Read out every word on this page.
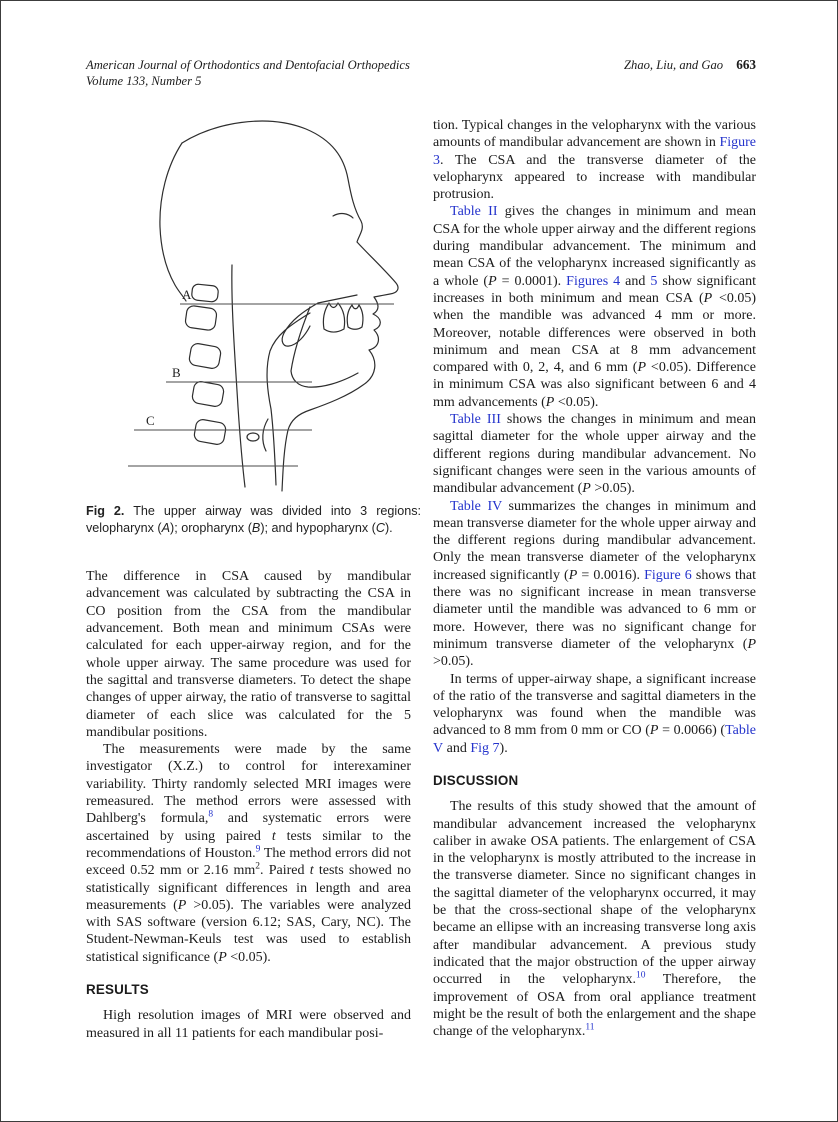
American Journal of Orthodontics and Dentofacial Orthopedics
Volume 133, Number 5
Zhao, Liu, and Gao 663
A
B
C

Fig 2. The upper airway was divided into 3 regions: velopharynx (A); oropharynx (B); and hypopharynx (C).

The difference in CSA caused by mandibular advancement was calculated by subtracting the CSA in CO position from the CSA from the mandibular advancement. Both mean and minimum CSAs were calculated for each upper-airway region, and for the whole upper airway. The same procedure was used for the sagittal and transverse diameters. To detect the shape changes of upper airway, the ratio of transverse to sagittal diameter of each slice was calculated for the 5 mandibular positions.

The measurements were made by the same investigator (X.Z.) to control for interexaminer variability. Thirty randomly selected MRI images were remeasured. The method errors were assessed with Dahlberg's formula,$^8$ and systematic errors were ascertained by using paired t tests similar to the recommendations of Houston.$^9$ The method errors did not exceed 0.52 mm or 2.16 $mm^2$. Paired t tests showed no statistically significant differences in length and area measurements (P >0.05). The variables were analyzed with SAS software (version 6.12; SAS, Cary, NC). The Student-Newman-Keuls test was used to establish statistical significance (P <0.05).

RESULTS

High resolution images of MRI were observed and measured in all 11 patients for each mandibular posi-

tion. Typical changes in the velopharynx with the various amounts of mandibular advancement are shown in Figure 3. The CSA and the transverse diameter of the velopharynx appeared to increase with mandibular protrusion.

Table II gives the changes in minimum and mean CSA for the whole upper airway and the different regions during mandibular advancement. The minimum and mean CSA of the velopharynx increased significantly as a whole (P = 0.0001). Figures 4 and 5 show significant increases in both minimum and mean CSA (P <0.05) when the mandible was advanced 4 mm or more. Moreover, notable differences were observed in both minimum and mean CSA at 8 mm advancement compared with 0, 2, 4, and 6 mm (P <0.05). Difference in minimum CSA was also significant between 6 and 4 mm advancements (P <0.05).

Table III shows the changes in minimum and mean sagittal diameter for the whole upper airway and the different regions during mandibular advancement. No significant changes were seen in the various amounts of mandibular advancement (P >0.05).

Table IV summarizes the changes in minimum and mean transverse diameter for the whole upper airway and the different regions during mandibular advancement. Only the mean transverse diameter of the velopharynx increased significantly (P = 0.0016). Figure 6 shows that there was no significant increase in mean transverse diameter until the mandible was advanced to 6 mm or more. However, there was no significant change for minimum transverse diameter of the velopharynx (P >0.05).

In terms of upper-airway shape, a significant increase of the ratio of the transverse and sagittal diameters in the velopharynx was found when the mandible was advanced to 8 mm from 0 mm or CO (P = 0.0066) (Table V and Fig 7).

DISCUSSION

The results of this study showed that the amount of mandibular advancement increased the velopharynx caliber in awake OSA patients. The enlargement of CSA in the velopharynx is mostly attributed to the increase in the transverse diameter. Since no significant changes in the sagittal diameter of the velopharynx occurred, it may be that the cross-sectional shape of the velopharynx became an ellipse with an increasing transverse long axis after mandibular advancement. A previous study indicated that the major obstruction of the upper airway occurred in the velopharynx.$^{10}$ Therefore, the improvement of OSA from oral appliance treatment might be the result of both the enlargement and the shape change of the velopharynx.$^{11}$
